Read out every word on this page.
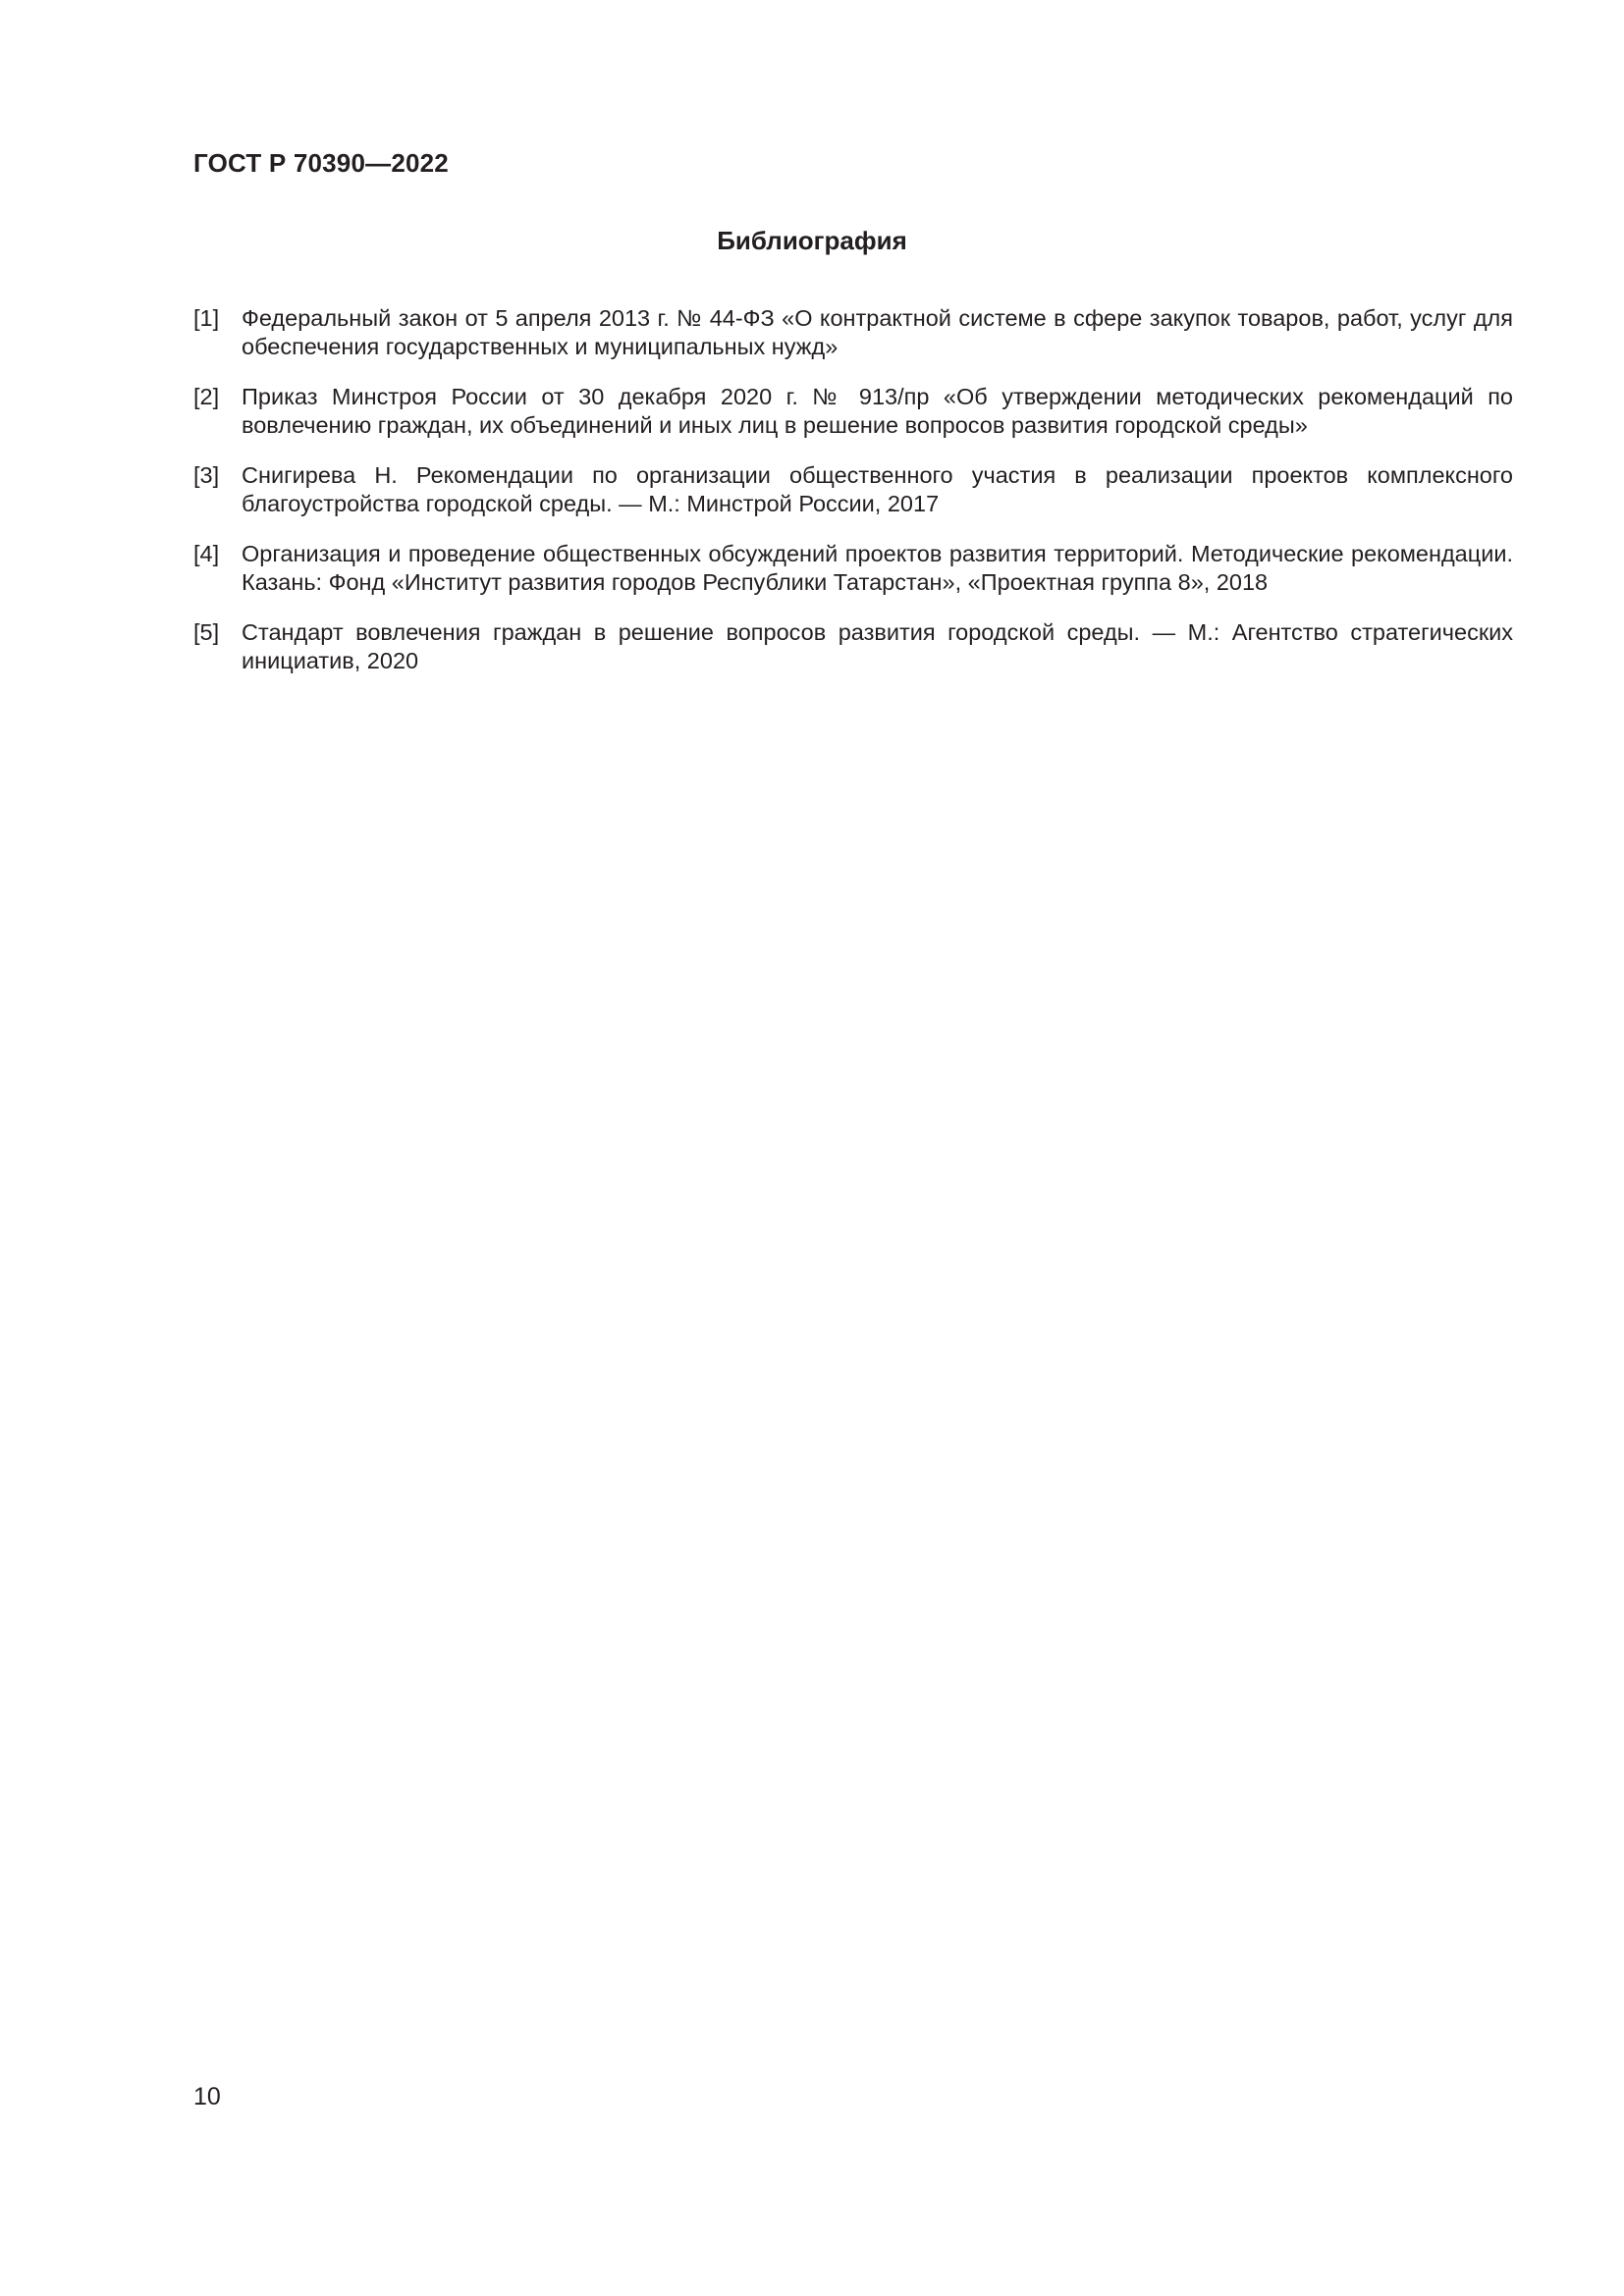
ГОСТ Р 70390—2022
Библиография
[1] Федеральный закон от 5 апреля 2013 г. № 44-ФЗ «О контрактной системе в сфере закупок товаров, работ, услуг для обеспечения государственных и муниципальных нужд»
[2] Приказ Минстроя России от 30 декабря 2020 г. № 913/пр «Об утверждении методических рекомендаций по вовлечению граждан, их объединений и иных лиц в решение вопросов развития городской среды»
[3] Снигирева Н. Рекомендации по организации общественного участия в реализации проектов комплексного благоустройства городской среды. — М.: Минстрой России, 2017
[4] Организация и проведение общественных обсуждений проектов развития территорий. Методические рекомендации. Казань: Фонд «Институт развития городов Республики Татарстан», «Проектная группа 8», 2018
[5] Стандарт вовлечения граждан в решение вопросов развития городской среды. — М.: Агентство стратегических инициатив, 2020
10
